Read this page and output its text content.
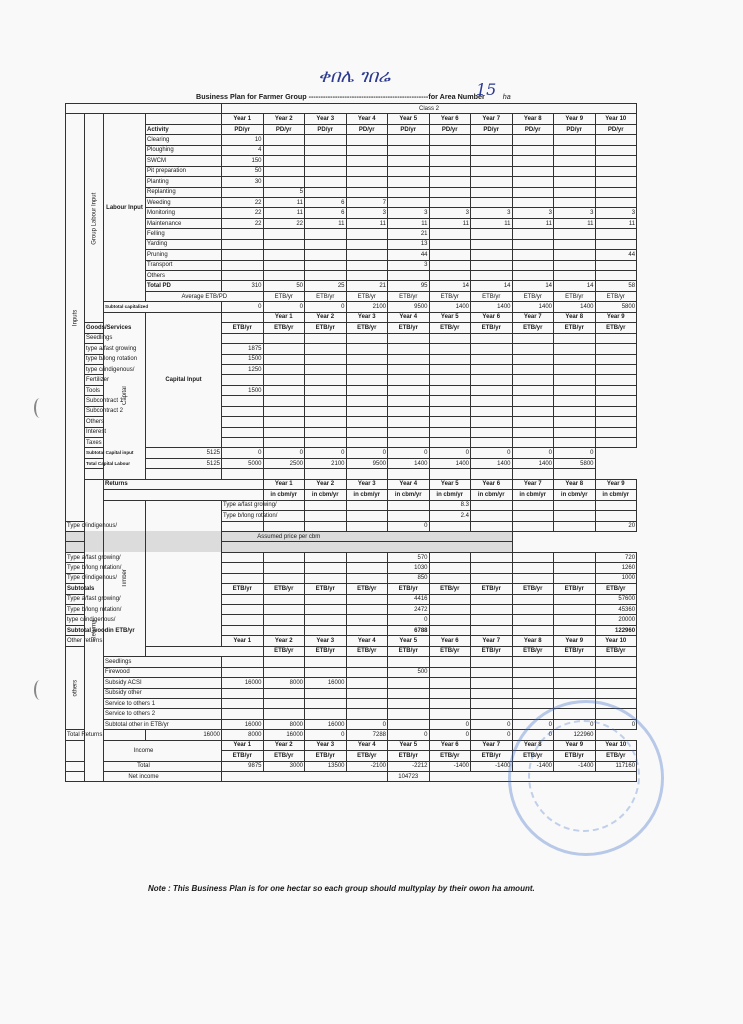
ቀበሌ ገበሬ
15
Business Plan for Farmer Group --------------------------------------------------for Area Number	ha
				Class 2										
Inputs	Group Labour Input	Labour Input		Year 1	Year 2	Year 3	Year 4	Year 5	Year 6	Year 7	Year 8	Year 9	Year 10	
			Activity	PD/yr	PD/yr	PD/yr	PD/yr	PD/yr	PD/yr	PD/yr	PD/yr	PD/yr	PD/yr	
			Clearing	10										
			Ploughing	4										
			SWCM	150										
			Pit preparation	50										
			Planting	30										
			Replanting		5									
			Weeding	22	11	6	7							
			Monitoring	22	11	6	3	3	3	3	3	3	3	
			Maintenance	22	22	11	11	11	11	11	11	11	11	
			Felling					21						
			Yarding					13						
			Pruning					44					44	
			Transport					3						
			Others											
			Total PD	310	50	25	21	95	14	14	14	14	58	
			Average ETB/PD		ETB/yr	ETB/yr	ETB/yr	ETB/yr	ETB/yr	ETB/yr	ETB/yr	ETB/yr	ETB/yr	
		Subtotal capitalized		0	0	0	2100	9500	1400	1400	1400	1400	5800	
		Capital	Capital Input		Year 1	Year 2	Year 3	Year 4	Year 5	Year 6	Year 7	Year 8	Year 9	
	Goods/Services			ETB/yr	ETB/yr	ETB/yr	ETB/yr	ETB/yr	ETB/yr	ETB/yr	ETB/yr	ETB/yr	ETB/yr	
	Seedlings													
	type a/fast growing			1875										
	type b/long rotation			1500										
	type c/indigenous/			1250										
	Fertilizer													
	Tools			1500										
	Subcontract 1													
	Subcontract 2													
	Others													
	Interest													
	Taxes													
	Subtotal Capital input		5125	0	0	0	0	0	0	0	0	0		
	Total Capital Labour		5125	5000	2500	2100	9500	1400	1400	1400	1400	5800		

	Returns	Returns			Year 1	Year 2	Year 3	Year 4	Year 5	Year 6	Year 7	Year 8	Year 9	
					in cbm/yr	in cbm/yr	in cbm/yr	in cbm/yr	in cbm/yr	in cbm/yr	in cbm/yr	in cbm/yr	in cbm/yr	
		Timber		Type a/fast growing/					8.3					
				Type b/long rotation/					2.4					
Type c/indigenous/								0					20	
Assumed price per cbm														

Type a/fast growing/								570					720	
Type b/long rotation/								1030					1260	
Type c/indigenous/								850					1000	
Subtotals				ETB/yr	ETB/yr	ETB/yr	ETB/yr	ETB/yr	ETB/yr	ETB/yr	ETB/yr	ETB/yr	ETB/yr	
Type a/fast growing/								4416					57600	
Type b/long rotation/								2472					45360	
type c/indigenous/								0					20000	
Subtotal woodin ETB/yr								6788					122960	
Other returns				Year 1	Year 2	Year 3	Year 4	Year 5	Year 6	Year 7	Year 8	Year 9	Year 10	
others					ETB/yr	ETB/yr	ETB/yr	ETB/yr	ETB/yr	ETB/yr	ETB/yr	ETB/yr	ETB/yr	
		Seedlings												
		Firewood						500						
		Subsidy ACSI		16000	8000	16000								
		Subsidy other												
		Service to others 1												
		Service to others 2												
		Subtotal other in ETB/yr		16000	8000	16000	0		0	0	0	0	0	
Total Returns			16000	8000	16000	0	7288	0	0	0	0	122960		
Income				Year 1	Year 2	Year 3	Year 4	Year 5	Year 6	Year 7	Year 8	Year 9	Year 10	
				ETB/yr	ETB/yr	ETB/yr	ETB/yr	ETB/yr	ETB/yr	ETB/yr	ETB/yr	ETB/yr	ETB/yr	
Total				9875	3000	13500	-2100	-2212	-1400	-1400	-1400	-1400	117160	
Net income								104723						
Note : This Business Plan is for one hectar so each group should multyplay by their owon ha amount.
